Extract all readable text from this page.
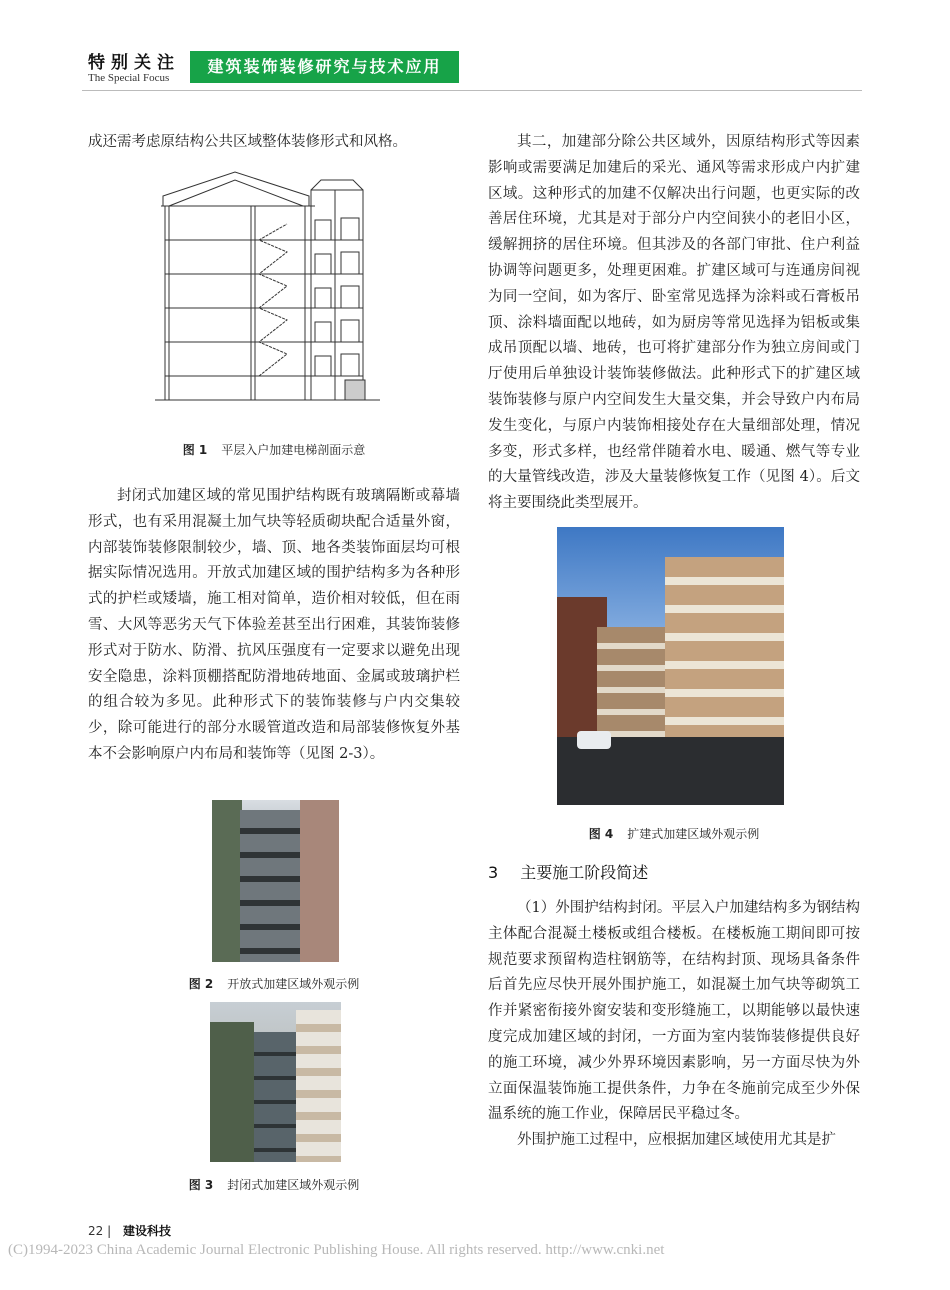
特别关注
The Special Focus
建筑装饰装修研究与技术应用

成还需考虑原结构公共区域整体装修形式和风格。

图 1 平层入户加建电梯剖面示意

封闭式加建区域的常见围护结构既有玻璃隔断或幕墙形式，也有采用混凝土加气块等轻质砌块配合适量外窗，内部装饰装修限制较少，墙、顶、地各类装饰面层均可根据实际情况选用。开放式加建区域的围护结构多为各种形式的护栏或矮墙，施工相对简单，造价相对较低，但在雨雪、大风等恶劣天气下体验差甚至出行困难，其装饰装修形式对于防水、防滑、抗风压强度有一定要求以避免出现安全隐患，涂料顶棚搭配防滑地砖地面、金属或玻璃护栏的组合较为多见。此种形式下的装饰装修与户内交集较少，除可能进行的部分水暖管道改造和局部装修恢复外基本不会影响原户内布局和装饰等（见图 2-3）。

图 2 开放式加建区域外观示例
图 3 封闭式加建区域外观示例

其二，加建部分除公共区域外，因原结构形式等因素影响或需要满足加建后的采光、通风等需求形成户内扩建区域。这种形式的加建不仅解决出行问题，也更实际的改善居住环境，尤其是对于部分户内空间狭小的老旧小区，缓解拥挤的居住环境。但其涉及的各部门审批、住户利益协调等问题更多，处理更困难。扩建区域可与连通房间视为同一空间，如为客厅、卧室常见选择为涂料或石膏板吊顶、涂料墙面配以地砖，如为厨房等常见选择为铝板或集成吊顶配以墙、地砖，也可将扩建部分作为独立房间或门厅使用后单独设计装饰装修做法。此种形式下的扩建区域装饰装修与原户内空间发生大量交集，并会导致户内布局发生变化，与原户内装饰相接处存在大量细部处理，情况多变，形式多样，也经常伴随着水电、暖通、燃气等专业的大量管线改造，涉及大量装修恢复工作（见图 4）。后文将主要围绕此类型展开。

图 4 扩建式加建区域外观示例
3 主要施工阶段简述

（1）外围护结构封闭。平层入户加建结构多为钢结构主体配合混凝土楼板或组合楼板。在楼板施工期间即可按规范要求预留构造柱钢筋等，在结构封顶、现场具备条件后首先应尽快开展外围护施工，如混凝土加气块等砌筑工作并紧密衔接外窗安装和变形缝施工，以期能够以最快速度完成加建区域的封闭，一方面为室内装饰装修提供良好的施工环境，减少外界环境因素影响，另一方面尽快为外立面保温装饰施工提供条件，力争在冬施前完成至少外保温系统的施工作业，保障居民平稳过冬。

外围护施工过程中，应根据加建区域使用尤其是扩

22 | 建设科技
(C)1994-2023 China Academic Journal Electronic Publishing House. All rights reserved. http://www.cnki.net
